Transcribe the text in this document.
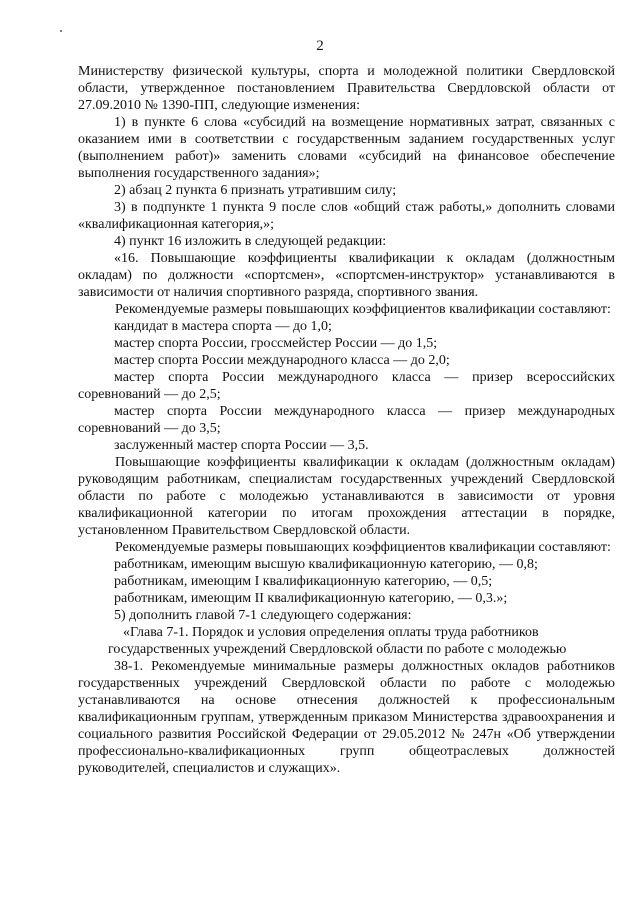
2

Министерству физической культуры, спорта и молодежной политики Свердловской области, утвержденное постановлением Правительства Свердловской области от 27.09.2010 № 1390-ПП, следующие изменения:

1) в пункте 6 слова «субсидий на возмещение нормативных затрат, связанных с оказанием ими в соответствии с государственным заданием государственных услуг (выполнением работ)» заменить словами «субсидий на финансовое обеспечение выполнения государственного задания»;

2) абзац 2 пункта 6 признать утратившим силу;

3) в подпункте 1 пункта 9 после слов «общий стаж работы,» дополнить словами «квалификационная категория,»;

4) пункт 16 изложить в следующей редакции:

«16. Повышающие коэффициенты квалификации к окладам (должностным окладам) по должности «спортсмен», «спортсмен-инструктор» устанавливаются в зависимости от наличия спортивного разряда, спортивного звания.

Рекомендуемые размеры повышающих коэффициентов квалификации составляют:

кандидат в мастера спорта — до 1,0;

мастер спорта России, гроссмейстер России — до 1,5;

мастер спорта России международного класса — до 2,0;

мастер спорта России международного класса — призер всероссийских соревнований — до 2,5;

мастер спорта России международного класса — призер международных соревнований — до 3,5;

заслуженный мастер спорта России — 3,5.

Повышающие коэффициенты квалификации к окладам (должностным окладам) руководящим работникам, специалистам государственных учреждений Свердловской области по работе с молодежью устанавливаются в зависимости от уровня квалификационной категории по итогам прохождения аттестации в порядке, установленном Правительством Свердловской области.

Рекомендуемые размеры повышающих коэффициентов квалификации составляют:

работникам, имеющим высшую квалификационную категорию, — 0,8;

работникам, имеющим I квалификационную категорию, — 0,5;

работникам, имеющим II квалификационную категорию, — 0,3.»;

5) дополнить главой 7-1 следующего содержания:

«Глава 7-1. Порядок и условия определения оплаты труда работников
государственных учреждений Свердловской области по работе с молодежью

38-1. Рекомендуемые минимальные размеры должностных окладов работников государственных учреждений Свердловской области по работе с молодежью устанавливаются на основе отнесения должностей к профессиональным квалификационным группам, утвержденным приказом Министерства здравоохранения и социального развития Российской Федерации от 29.05.2012 № 247н «Об утверждении профессионально-квалификационных групп общеотраслевых должностей руководителей, специалистов и служащих».
